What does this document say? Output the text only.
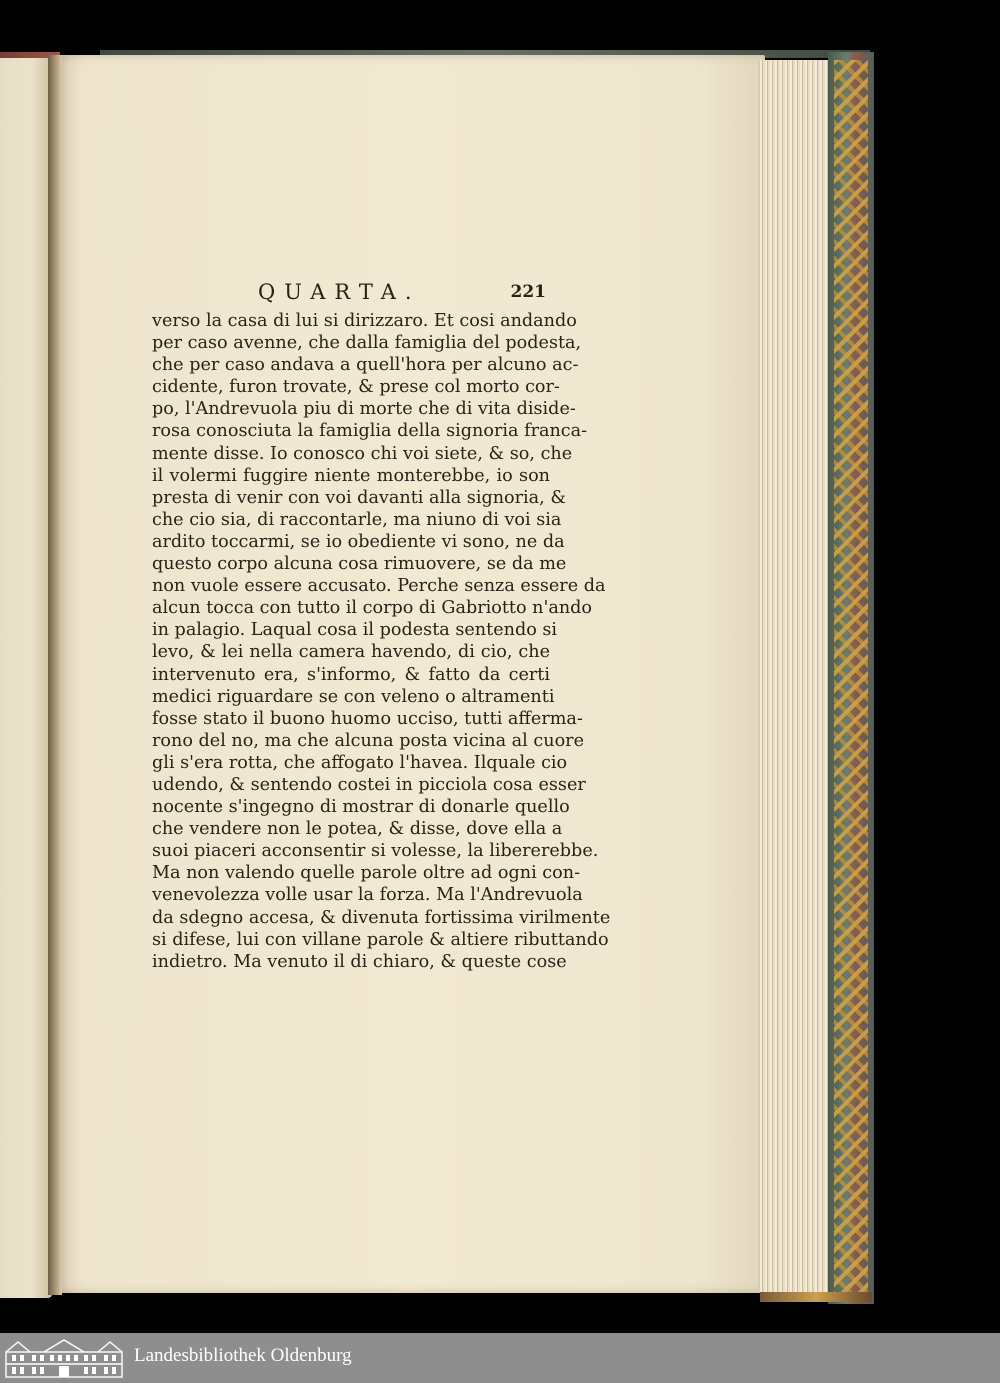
QUARTA.	221
verso la casa di lui si dirizzaro. Et cosi andando
per caso avenne, che dalla famiglia del podesta,
che per caso andava a quell'hora per alcuno ac-
cidente, furon trovate, & prese col morto cor-
po, l'Andrevuola piu di morte che di vita diside-
rosa conosciuta la famiglia della signoria franca-
mente disse. Io conosco chi voi siete, & so, che
il volermi fuggire niente monterebbe, io son
presta di venir con voi davanti alla signoria, &
che cio sia, di raccontarle, ma niuno di voi sia
ardito toccarmi, se io obediente vi sono, ne da
questo corpo alcuna cosa rimuovere, se da me
non vuole essere accusato. Perche senza essere da
alcun tocca con tutto il corpo di Gabriotto n'ando
in palagio. Laqual cosa il podesta sentendo si
levo, & lei nella camera havendo, di cio, che
intervenuto era, s'informo, & fatto da certi
medici riguardare se con veleno o altramenti
fosse stato il buono huomo ucciso, tutti afferma-
rono del no, ma che alcuna posta vicina al cuore
gli s'era rotta, che affogato l'havea. Ilquale cio
udendo, & sentendo costei in picciola cosa esser
nocente s'ingegno di mostrar di donarle quello
che vendere non le potea, & disse, dove ella a
suoi piaceri acconsentir si volesse, la libererebbe.
Ma non valendo quelle parole oltre ad ogni con-
venevolezza volle usar la forza. Ma l'Andrevuola
da sdegno accesa, & divenuta fortissima virilmente
si difese, lui con villane parole & altiere ributtando
indietro. Ma venuto il di chiaro, & queste cose
Landesbibliothek Oldenburg
